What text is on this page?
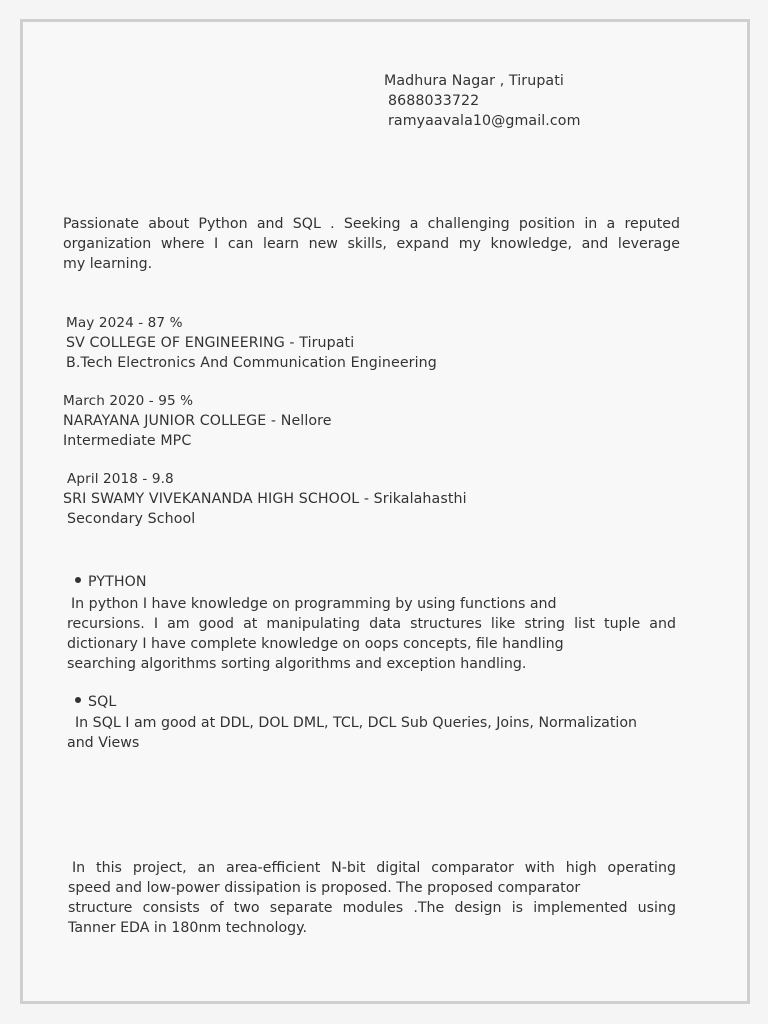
Madhura Nagar , Tirupati
8688033722
ramyaavala10@gmail.com
Passionate about Python and SQL . Seeking a challenging position in a reputed
organization where I can learn new skills, expand my knowledge, and leverage
my learning.
May 2024 - 87 %
SV COLLEGE OF ENGINEERING - Tirupati
B.Tech Electronics And Communication Engineering
March 2020 - 95 %
NARAYANA JUNIOR COLLEGE - Nellore
Intermediate MPC
April 2018 - 9.8
SRI SWAMY VIVEKANANDA HIGH SCHOOL - Srikalahasthi
Secondary School
PYTHON
In python I have knowledge on programming by using functions and
recursions. I am good at manipulating data structures like string list tuple and
dictionary I have complete knowledge on oops concepts, file handling
searching algorithms sorting algorithms and exception handling.
SQL
In SQL I am good at DDL, DOL DML, TCL, DCL Sub Queries, Joins, Normalization
and Views
In this project, an area-efficient N-bit digital comparator with high operating
speed and low-power dissipation is proposed. The proposed comparator
structure consists of two separate modules .The design is implemented using
Tanner EDA in 180nm technology.
